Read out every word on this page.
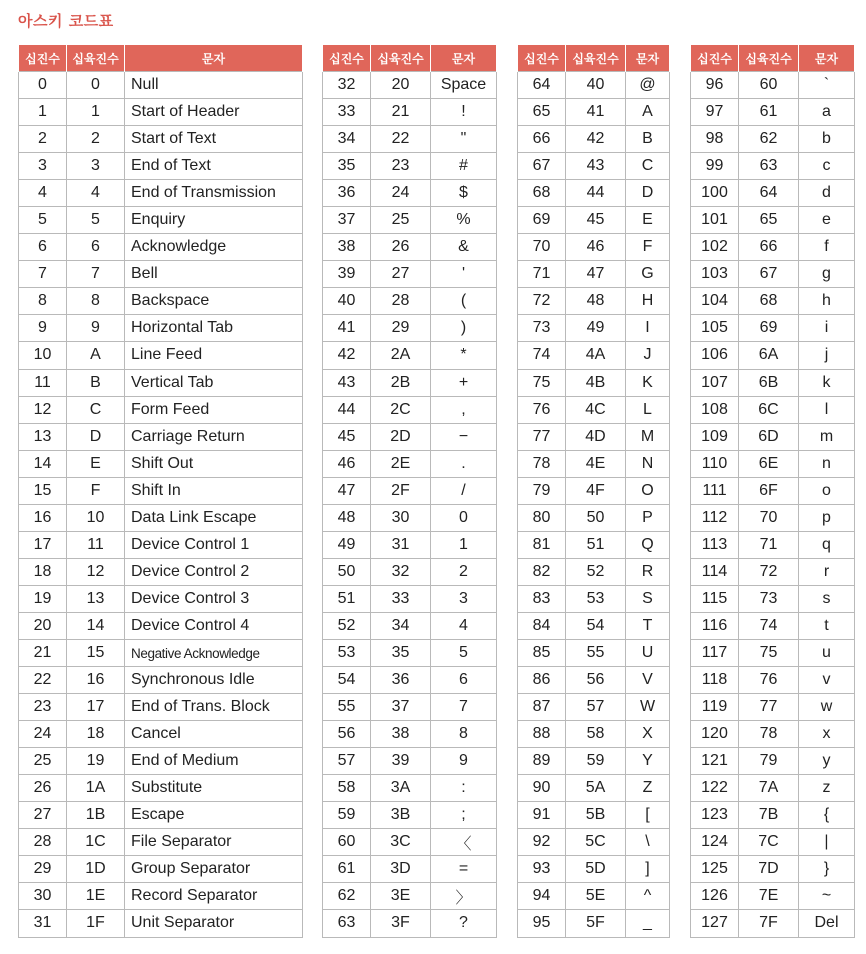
아스키 코드표
십진수	십육진수	문자
0	0	Null
1	1	Start of Header
2	2	Start of Text
3	3	End of Text
4	4	End of Transmission
5	5	Enquiry
6	6	Acknowledge
7	7	Bell
8	8	Backspace
9	9	Horizontal Tab
10	A	Line Feed
11	B	Vertical Tab
12	C	Form Feed
13	D	Carriage Return
14	E	Shift Out
15	F	Shift In
16	10	Data Link Escape
17	11	Device Control 1
18	12	Device Control 2
19	13	Device Control 3
20	14	Device Control 4
21	15	Negative Acknowledge
22	16	Synchronous Idle
23	17	End of Trans. Block
24	18	Cancel
25	19	End of Medium
26	1A	Substitute
27	1B	Escape
28	1C	File Separator
29	1D	Group Separator
30	1E	Record Separator
31	1F	Unit Separator
십진수	십육진수	문자
32	20	Space
33	21	!
34	22	"
35	23	#
36	24	$
37	25	%
38	26	&
39	27	'
40	28	(
41	29	)
42	2A	*
43	2B	+
44	2C	,
45	2D	−
46	2E	.
47	2F	/
48	30	0
49	31	1
50	32	2
51	33	3
52	34	4
53	35	5
54	36	6
55	37	7
56	38	8
57	39	9
58	3A	:
59	3B	;
60	3C	〈
61	3D	=
62	3E	〉
63	3F	?
십진수	십육진수	문자
64	40	@
65	41	A
66	42	B
67	43	C
68	44	D
69	45	E
70	46	F
71	47	G
72	48	H
73	49	I
74	4A	J
75	4B	K
76	4C	L
77	4D	M
78	4E	N
79	4F	O
80	50	P
81	51	Q
82	52	R
83	53	S
84	54	T
85	55	U
86	56	V
87	57	W
88	58	X
89	59	Y
90	5A	Z
91	5B	[
92	5C	\
93	5D	]
94	5E	^
95	5F	_
십진수	십육진수	문자
96	60	`
97	61	a
98	62	b
99	63	c
100	64	d
101	65	e
102	66	f
103	67	g
104	68	h
105	69	i
106	6A	j
107	6B	k
108	6C	l
109	6D	m
110	6E	n
111	6F	o
112	70	p
113	71	q
114	72	r
115	73	s
116	74	t
117	75	u
118	76	v
119	77	w
120	78	x
121	79	y
122	7A	z
123	7B	{
124	7C	|
125	7D	}
126	7E	~
127	7F	Del
